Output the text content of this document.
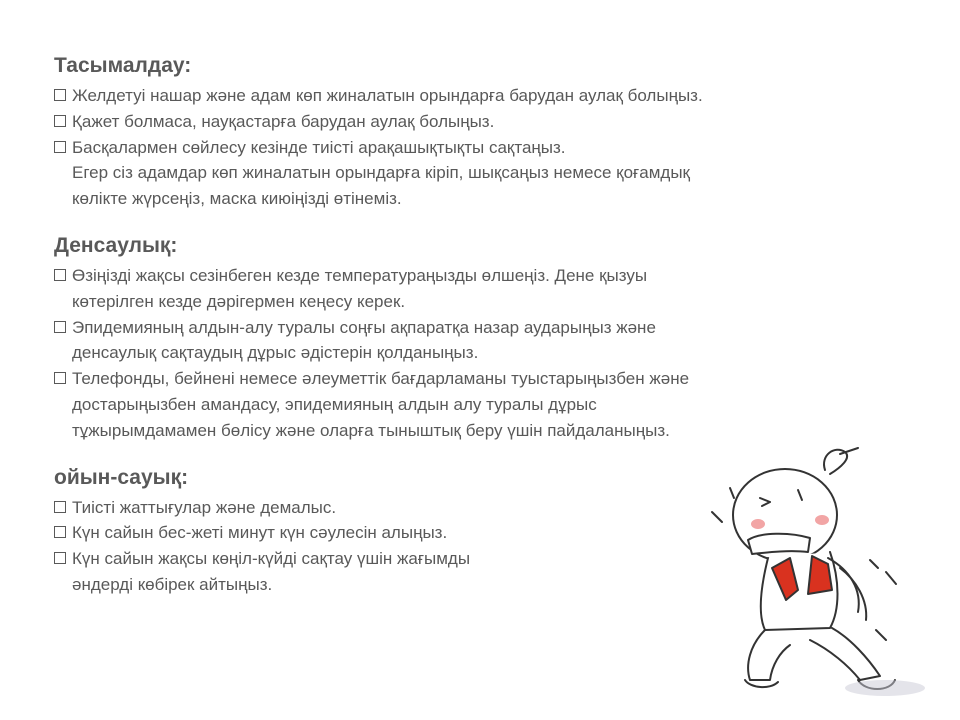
Тасымалдау:
Желдетуі нашар және адам көп жиналатын орындарға барудан аулақ болыңыз.
Қажет болмаса, науқастарға барудан аулақ болыңыз.
Басқалармен сөйлесу кезінде тиісті арақашықтықты сақтаңыз.
Егер сіз адамдар көп жиналатын орындарға кіріп, шықсаңыз немесе қоғамдық
көлікте жүрсеңіз, маска киюіңізді өтінеміз.
Денсаулық:
Өзіңізді жақсы сезінбеген кезде температураңызды өлшеңіз. Дене қызуы
көтерілген кезде дәрігермен кеңесу керек.
Эпидемияның алдын-алу туралы соңғы ақпаратқа назар аударыңыз және
денсаулық сақтаудың дұрыс әдістерін қолданыңыз.
Телефонды, бейнені немесе әлеуметтік бағдарламаны туыстарыңызбен және
достарыңызбен амандасу, эпидемияның алдын алу туралы дұрыс
тұжырымдамамен бөлісу және оларға тыныштық беру үшін пайдаланыңыз.
ойын-сауық:
Тиісті жаттығулар және демалыс.
Күн сайын бес-жеті минут күн сәулесін алыңыз.
Күн сайын жақсы көңіл-күйді сақтау үшін жағымды
әндерді көбірек айтыңыз.
